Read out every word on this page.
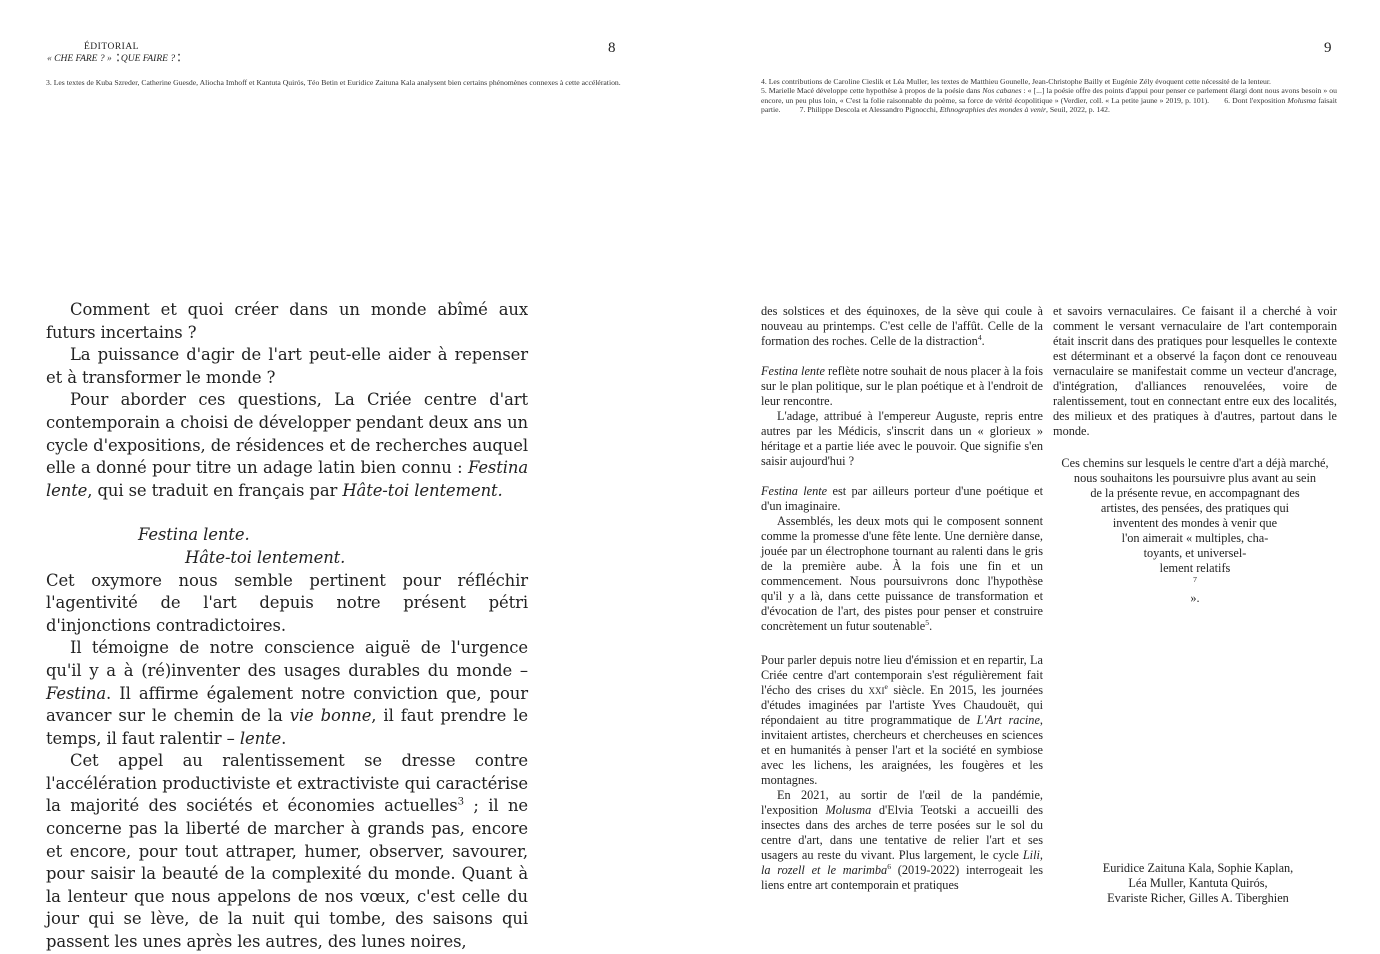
ÉDITORIAL
« CHE FARE ? » ⁚ QUE FAIRE ? ⁚
8	9

3. Les textes de Kuba Szreder, Catherine Guesde, Aliocha Imhoff et Kantuta Quirós, Téo Betin et Euridice Zaituna Kala analysent bien certains phénomènes connexes à cette accélération.	4. Les contributions de Caroline Cieslik et Léa Muller, les textes de Matthieu Gounelle, Jean-Christophe Bailly et Eugénie Zély évoquent cette nécessité de la lenteur.

5. Marielle Macé développe cette hypothèse à propos de la poésie dans Nos cabanes : « [...] la poésie offre des points d'appui pour penser ce parlement élargi dont nous avons besoin » ou encore, un peu plus loin, « C'est la folie raisonnable du poème, sa force de vérité écopolitique » (Verdier, coll. « La petite jaune » 2019, p. 101). 6. Dont l'exposition Molusma faisait partie. 7. Philippe Descola et Alessandro Pignocchi, Ethnographies des mondes à venir, Seuil, 2022, p. 142.

Comment et quoi créer dans un monde abîmé aux futurs incertains ?

La puissance d'agir de l'art peut-elle aider à repenser et à transformer le monde ?

Pour aborder ces questions, La Criée centre d'art contemporain a choisi de développer pendant deux ans un cycle d'expositions, de résidences et de recherches auquel elle a donné pour titre un adage latin bien connu : Festina lente, qui se traduit en français par Hâte-toi lentement.

Festina lente.

Hâte-toi lentement.

Cet oxymore nous semble pertinent pour réfléchir l'agentivité de l'art depuis notre présent pétri d'injonctions contradictoires.

Il témoigne de notre conscience aiguë de l'urgence qu'il y a à (ré)inventer des usages durables du monde – Festina. Il affirme également notre conviction que, pour avancer sur le chemin de la vie bonne, il faut prendre le temps, il faut ralentir – lente.

Cet appel au ralentissement se dresse contre l'accélération productiviste et extractiviste qui caractérise la majorité des sociétés et économies actuelles$^3$ ; il ne concerne pas la liberté de marcher à grands pas, encore et encore, pour tout attraper, humer, observer, savourer, pour saisir la beauté de la complexité du monde. Quant à la lenteur que nous appelons de nos vœux, c'est celle du jour qui se lève, de la nuit qui tombe, des saisons qui passent les unes après les autres, des lunes noires,

des solstices et des équinoxes, de la sève qui coule à nouveau au printemps. C'est celle de l'affût. Celle de la formation des roches. Celle de la distraction$^4$.

Festina lente reflète notre souhait de nous placer à la fois sur le plan politique, sur le plan poétique et à l'endroit de leur rencontre.

L'adage, attribué à l'empereur Auguste, repris entre autres par les Médicis, s'inscrit dans un « glorieux » héritage et a partie liée avec le pouvoir. Que signifie s'en saisir aujourd'hui ?

Festina lente est par ailleurs porteur d'une poétique et d'un imaginaire.

Assemblés, les deux mots qui le composent sonnent comme la promesse d'une fête lente. Une dernière danse, jouée par un électrophone tournant au ralenti dans le gris de la première aube. À la fois une fin et un commencement. Nous poursuivrons donc l'hypothèse qu'il y a là, dans cette puissance de transformation et d'évocation de l'art, des pistes pour penser et construire concrètement un futur soutenable$^5$.

Pour parler depuis notre lieu d'émission et en repartir, La Criée centre d'art contemporain s'est régulièrement fait l'écho des crises du xxi$^e$ siècle. En 2015, les journées d'études imaginées par l'artiste Yves Chaudouët, qui répondaient au titre programmatique de L'Art racine, invitaient artistes, chercheurs et chercheuses en sciences et en humanités à penser l'art et la société en symbiose avec les lichens, les araignées, les fougères et les montagnes.

En 2021, au sortir de l'œil de la pandémie, l'exposition Molusma d'Elvia Teotski a accueilli des insectes dans des arches de terre posées sur le sol du centre d'art, dans une tentative de relier l'art et ses usagers au reste du vivant. Plus largement, le cycle Lili, la rozell et le marimba$^6$ (2019-2022) interrogeait les liens entre art contemporain et pratiques

et savoirs vernaculaires. Ce faisant il a cherché à voir comment le versant vernaculaire de l'art contemporain était inscrit dans des pratiques pour lesquelles le contexte est déterminant et a observé la façon dont ce renouveau vernaculaire se manifestait comme un vecteur d'ancrage, d'intégration, d'alliances renouvelées, voire de ralentissement, tout en connectant entre eux des localités, des milieux et des pratiques à d'autres, partout dans le monde.

Ces chemins sur lesquels le centre d'art a déjà marché,
nous souhaitons les poursuivre plus avant au sein
de la présente revue, en accompagnant des
artistes, des pensées, des pratiques qui
inventent des mondes à venir que
l'on aimerait « multiples, cha-
toyants, et universel-
lement relatifs
$^7$
».
Euridice Zaituna Kala, Sophie Kaplan,
Léa Muller, Kantuta Quirós,
Evariste Richer, Gilles A. Tiberghien
